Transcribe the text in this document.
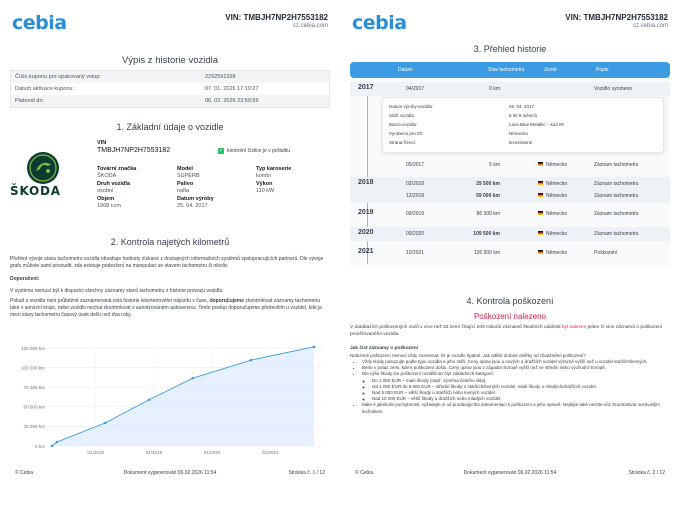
cebia	VIN: TMBJH7NP2H7553182
cz.cebia.com
Výpis z historie vozidla
Číslo kuponu pro opakovaný vstup:	2292591399
Datum aktivace kuponu:	07. 01. 2026 17:10:27
Platnost do:	06. 02. 2026 23:59:59
1. Základní údaje o vozidle
ŠKODA
VIN
TMBJH7NP2H7553182	✓ kontrolní číslice je v pořádku
Tovární značka
ŠKODA
Model
SUPERB
Typ karoserie
kombi
Druh vozidla
osobní
Palivo
nafta
Výkon
110 kW
Objem
1968 ccm
Datum výroby
25. 04. 2017
2. Kontrola najetých kilometrů
Přehled vývoje stavu tachometru vozidla obsahuje hodnoty získané z dostupných informačních systémů spolupracujících partnerů. Dle vývoje grafu můžete sami posoudit, zda existuje podezření na manipulaci se stavem tachometru či nikoliv.
Doporučení:
V systému nemusí být k dispozici všechny záznamy stavů tachometru z historie provozu vozidla.
Pokud u vozidla není průběžně zaznamenaná celá historie kilometrového nájezdu v čase, doporučujeme zkontrolovat záznamy tachometru také v servisní knize, nebo vozidlo nechat zkontrolovat v autorizovaném autoservisu. Tento postup doporučujeme především u vozidel, kde je mezi stavy tachometru časový úsek delší než dva roky.
0 km
25 000 km
50 000 km
75 000 km
100 000 km
125 000 km
01/2018	01/2019	01/2020	01/2021
© Cebia	Dokument vygenerován 06.02.2026 11:54	Stránka č. 1 / 12
cebia	VIN: TMBJH7NP2H7553182
cz.cebia.com
3. Přehled historie
Datum	Stav tachometru	Země	Popis
2017	04/2017	0 km	Vozidlo vyrobeno
Datum výroby vozidla:	25. 04. 2017
Stáří vozidla:	8 let 9 měsíců
Barva vozidla:	Lava Blue Metallic – kód 0F
Vyrobeno pro trh:	Německo
Strana řízení:	levostranné
05/2017	5 km	Německo	Záznam tachometru
2018	03/2018	29 500 km	Německo	Záznam tachometru
12/2018	59 000 km	Německo	Záznam tachometru
2019	09/2019	86 500 km	Německo	Záznam tachometru
2020	09/2020	109 500 km	Německo	Záznam tachometru
2021	10/2021	126 500 km	Německo	Poškození
4. Kontrola poškození
Poškození nalezeno
V databázích poškozených vozů v více než 32 zemí čítající 200 milionů záznamů škodních událostí byl nalezen jeden či více záznamů o poškození prověřovaného vozidla.
Jak číst záznamy o poškození
Nalezené poškození nemusí vždy znamenat, že je vozidlo špatné. Jak odlišit drobné dvěřky od závažného poškození?
• Vždy tkody posuzujte podle typu vozidla a jeho stáří. Ceny oprav jsou u nových a dražších vozidel výrazně vyšší než u vozidel starších/levných.
• Berte v potaz zemi, kde k poškození došlo. Ceny oprav jsou v západní Evropě vyšší než ve střední nebo východní Evropě.
• Dle výše škody lze poškození rozdělit do čtyř základních kategorií:
◦ Do 1 000 EUR – malé škody (např. výměna čelního skla).
◦ Od 1 000 EUR do 5 000 EUR – střední škody u starších/levných vozidel, malé škody u mladých/dražších vozidel.
◦ Nad 5 000 EUR – větší škody u starších nebo levných vozidel.
◦ Nad 10 000 EUR – větší škody u dražších nebo mladých vozidel.
• Máte-li jakékoliv pochybnosti, vyžádejte si od prodávajícího dokumentaci k poškození a jeho opravě. Nejlépe také nechte vůz zkontrolovat nezávislým technikem.
© Cebia	Dokument vygenerován 06.02.2026 11:54	Stránka č. 2 / 12
